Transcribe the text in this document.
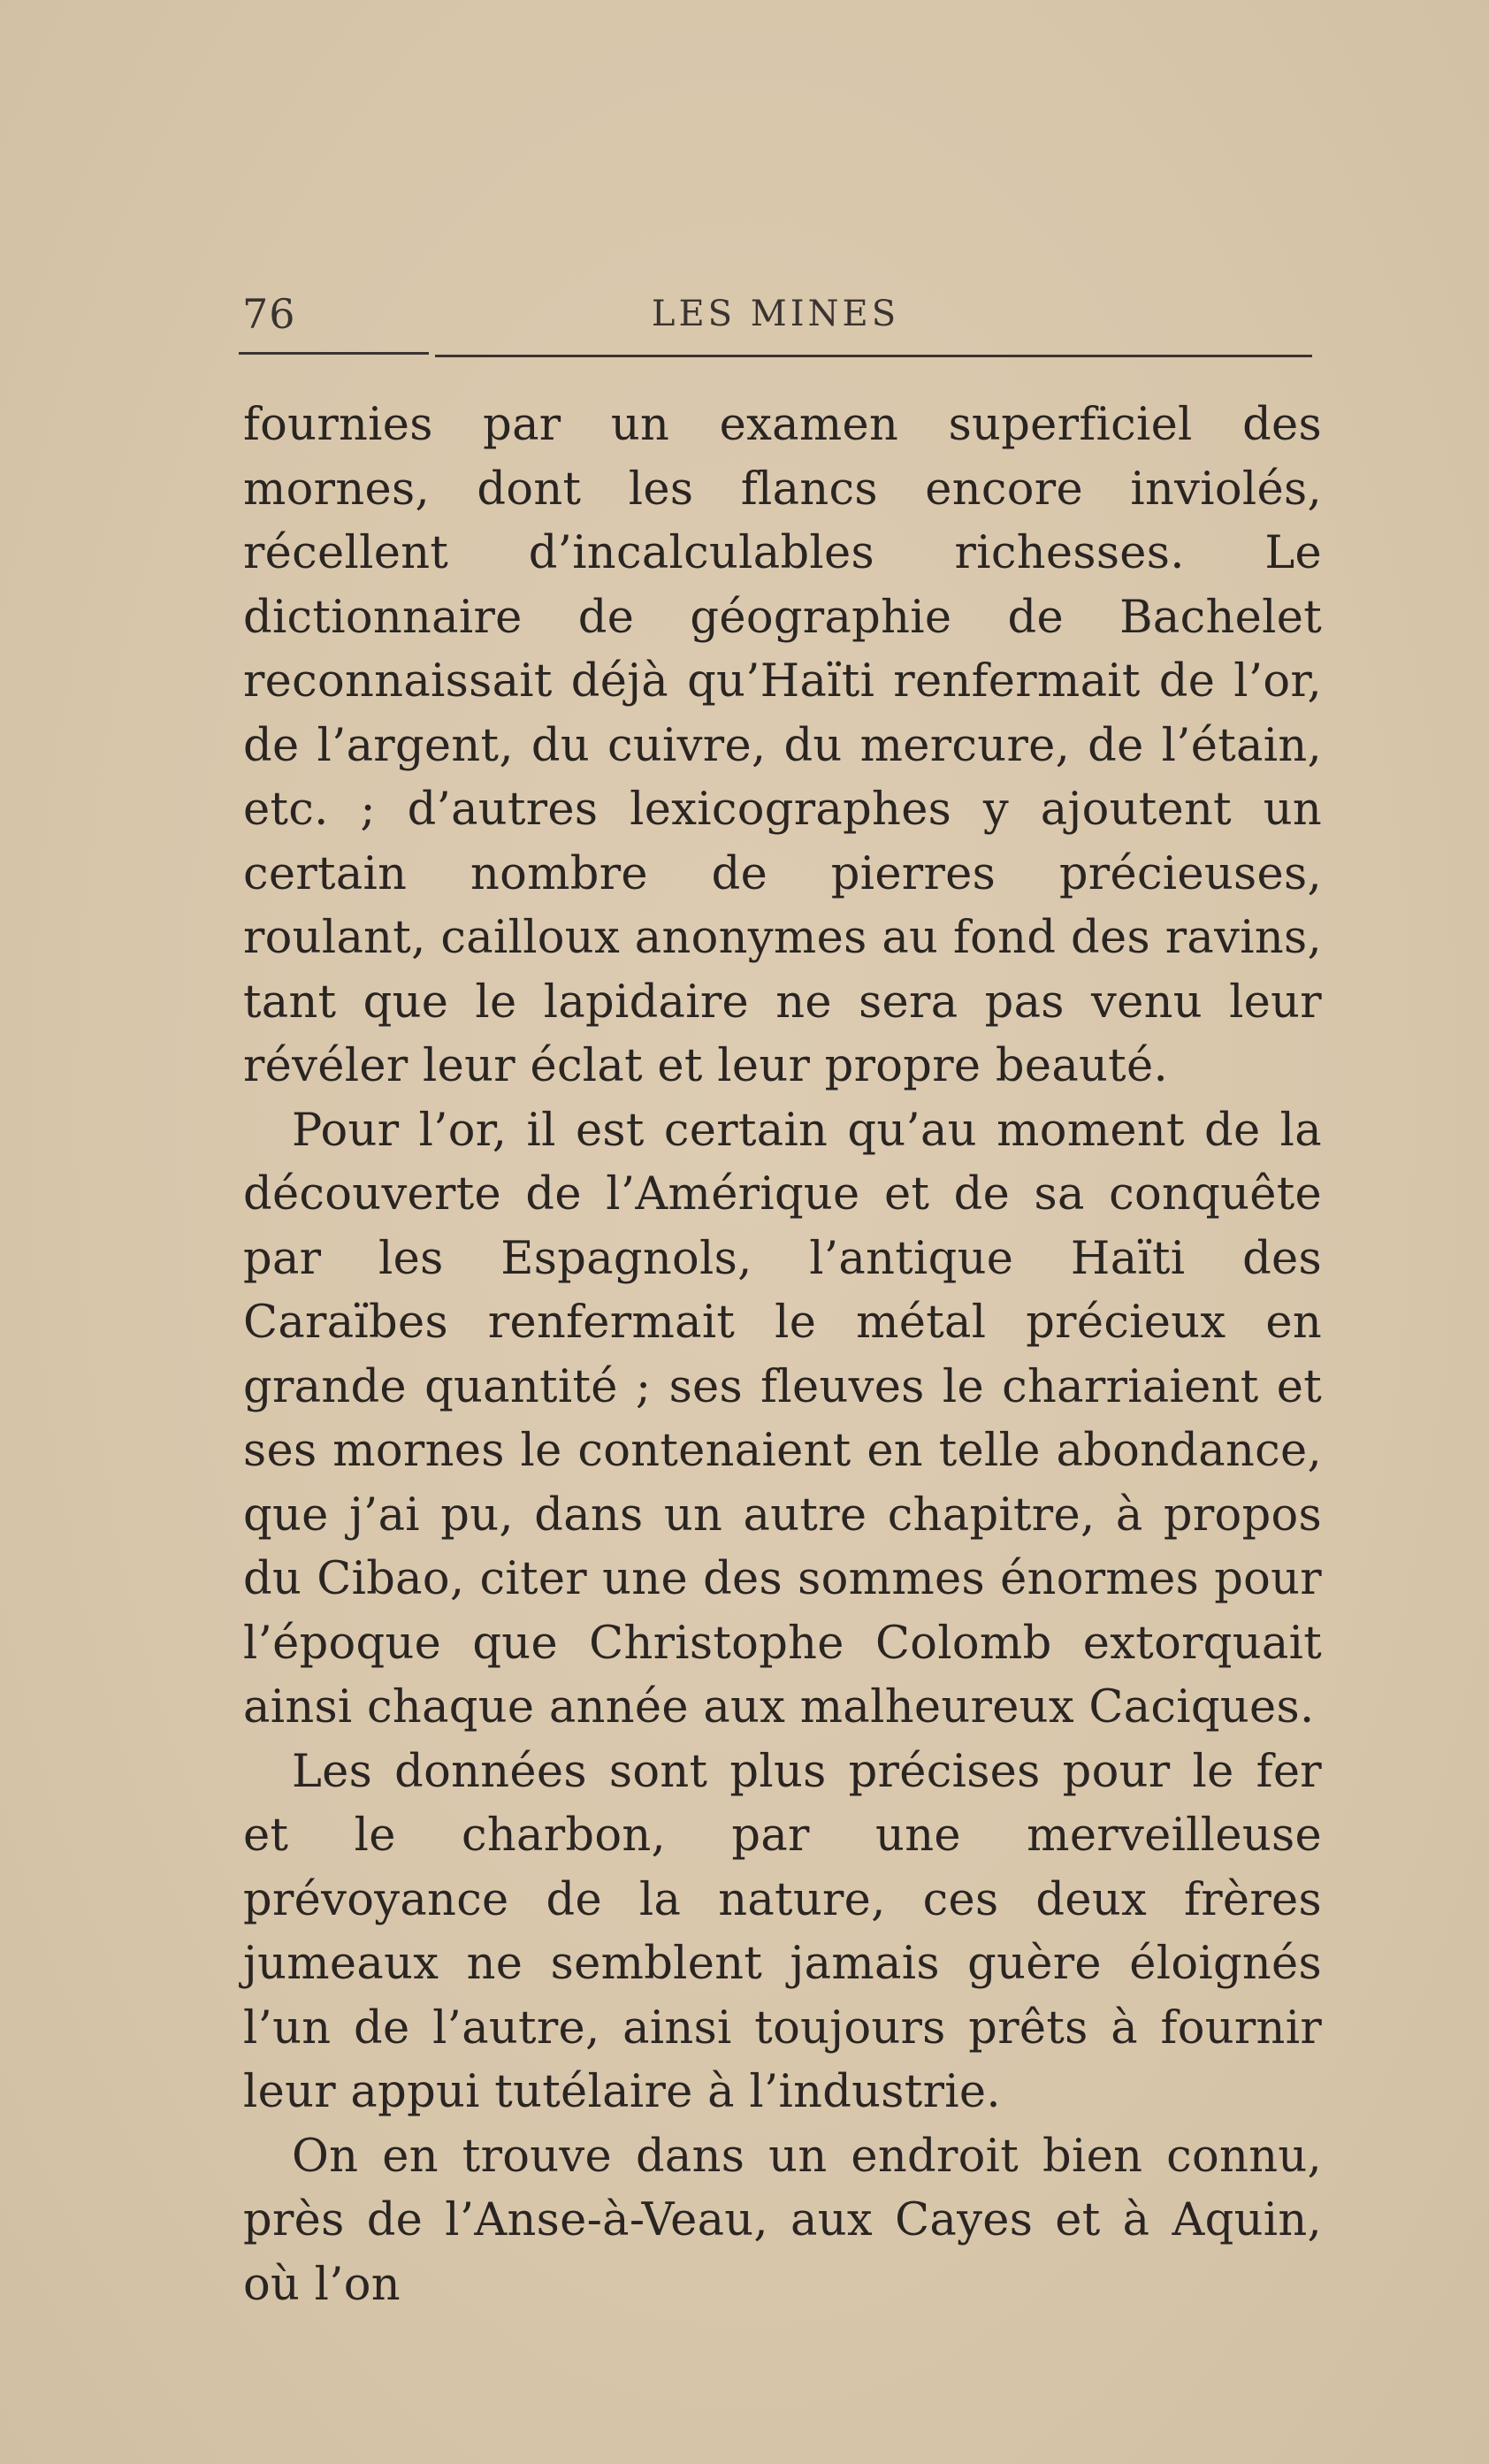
76	LES MINES

fournies par un examen superficiel des mornes, dont les flancs encore inviolés, récellent d’incalculables richesses. Le dictionnaire de géographie de Bachelet reconnaissait déjà qu’Haïti renfermait de l’or, de l’argent, du cuivre, du mercure, de l’étain, etc. ; d’autres lexicographes y ajoutent un certain nombre de pierres précieuses, roulant, cailloux anonymes au fond des ravins, tant que le lapidaire ne sera pas venu leur révéler leur éclat et leur propre beauté.

Pour l’or, il est certain qu’au moment de la découverte de l’Amérique et de sa conquête par les Espagnols, l’antique Haïti des Caraïbes renfermait le métal précieux en grande quantité ; ses fleuves le charriaient et ses mornes le contenaient en telle abondance, que j’ai pu, dans un autre chapitre, à propos du Cibao, citer une des sommes énormes pour l’époque que Christophe Colomb extorquait ainsi chaque année aux malheureux Caciques.

Les données sont plus précises pour le fer et le charbon, par une merveilleuse prévoyance de la nature, ces deux frères jumeaux ne semblent jamais guère éloignés l’un de l’autre, ainsi toujours prêts à fournir leur appui tutélaire à l’industrie.

On en trouve dans un endroit bien connu, près de l’Anse-à-Veau, aux Cayes et à Aquin, où l’on
